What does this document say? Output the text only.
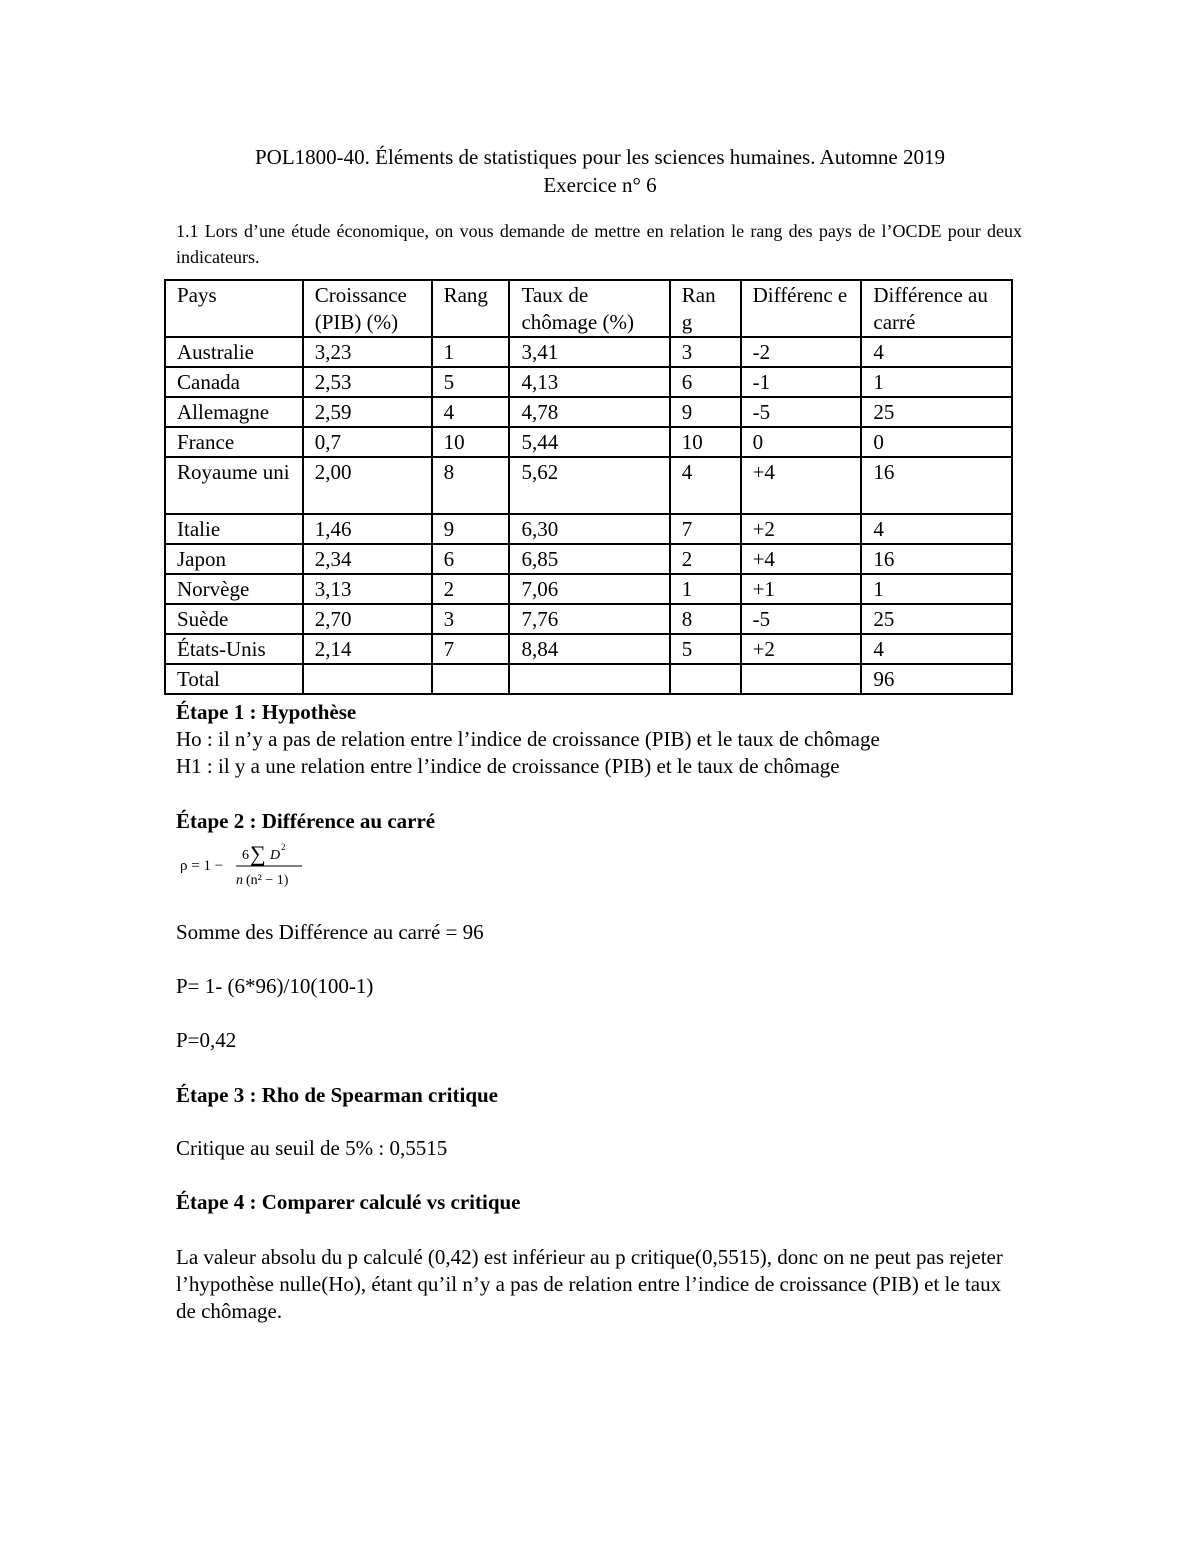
POL1800-40. Éléments de statistiques pour les sciences humaines. Automne 2019
Exercice n° 6
1.1 Lors d’une étude économique, on vous demande de mettre en relation le rang des pays de l’OCDE pour deux indicateurs.
Pays	Croissance (PIB) (%)	Rang	Taux de chômage (%)	Ran g	Différenc e	Différence au carré
Australie	3,23	1	3,41	3	-2	4
Canada	2,53	5	4,13	6	-1	1
Allemagne	2,59	4	4,78	9	-5	25
France	0,7	10	5,44	10	0	0
Royaume uni	2,00	8	5,62	4	+4	16
Italie	1,46	9	6,30	7	+2	4
Japon	2,34	6	6,85	2	+4	16
Norvège	3,13	2	7,06	1	+1	1
Suède	2,70	3	7,76	8	-5	25
États-Unis	2,14	7	8,84	5	+2	4
Total						96
Étape 1 : Hypothèse
Ho : il n’y a pas de relation entre l’indice de croissance (PIB) et le taux de chômage
H1 : il y a une relation entre l’indice de croissance (PIB) et le taux de chômage
Étape 2 : Différence au carré
ρ = 1 −
6 ∑ D
2
n (n² − 1)
Somme des Différence au carré = 96
P= 1- (6*96)/10(100-1)
P=0,42
Étape 3 : Rho de Spearman critique
Critique au seuil de 5% : 0,5515
Étape 4 : Comparer calculé vs critique
La valeur absolu du p calculé (0,42) est inférieur au p critique(0,5515), donc on ne peut pas rejeter l’hypothèse nulle(Ho), étant qu’il n’y a pas de relation entre l’indice de croissance (PIB) et le taux de chômage.
